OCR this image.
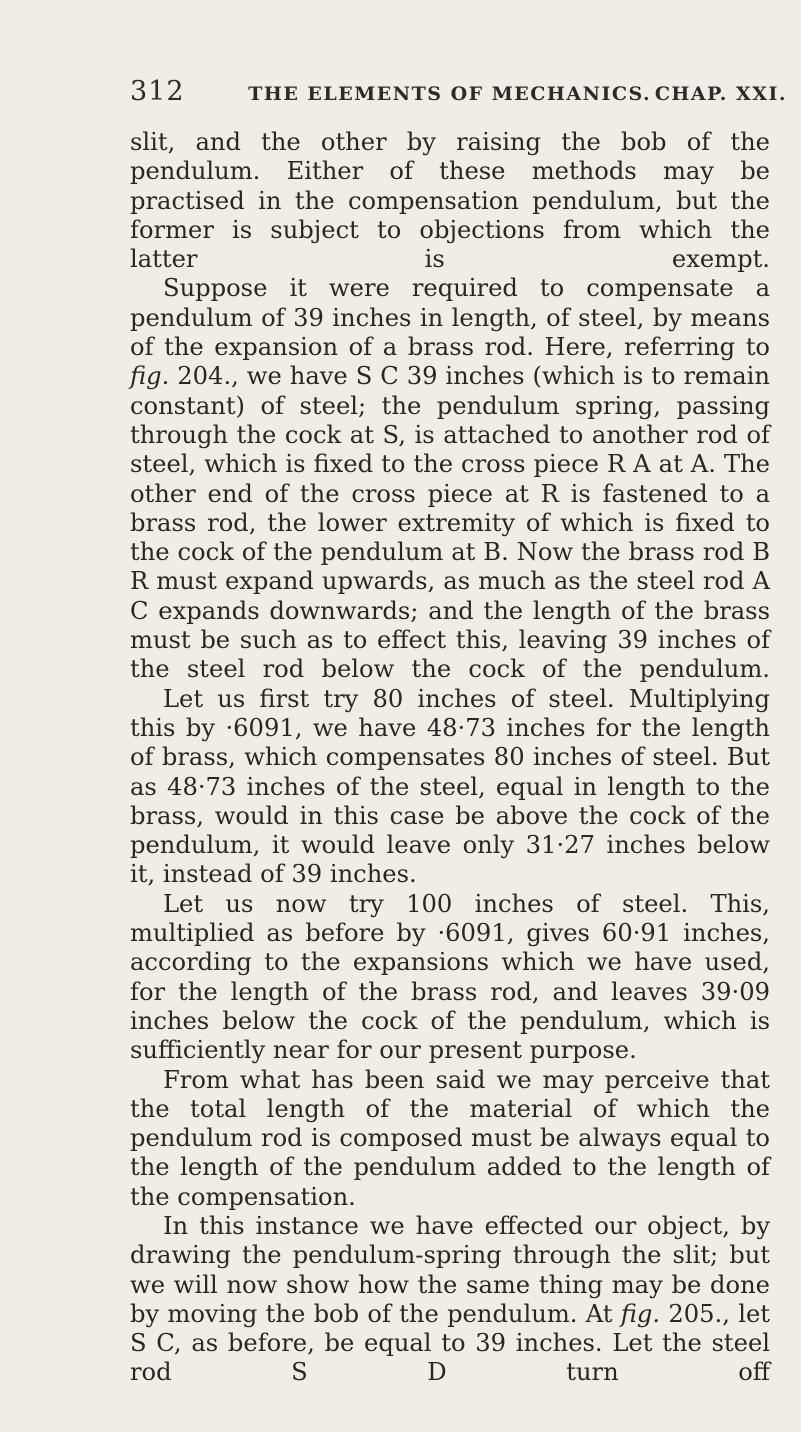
312	THE ELEMENTS OF MECHANICS. CHAP. XXI.

slit, and the other by raising the bob of the pendulum. Either of these methods may be practised in the compensation pendulum, but the former is subject to objections from which the latter is exempt.

Suppose it were required to compensate a pendulum of 39 inches in length, of steel, by means of the expansion of a brass rod. Here, referring to fig. 204., we have S C 39 inches (which is to remain constant) of steel; the pendulum spring, passing through the cock at S, is attached to another rod of steel, which is fixed to the cross piece R A at A. The other end of the cross piece at R is fastened to a brass rod, the lower extremity of which is fixed to the cock of the pendulum at B. Now the brass rod B R must expand upwards, as much as the steel rod A C expands downwards; and the length of the brass must be such as to effect this, leaving 39 inches of the steel rod below the cock of the pendulum.

Let us first try 80 inches of steel. Multiplying this by ·6091, we have 48·73 inches for the length of brass, which compensates 80 inches of steel. But as 48·73 inches of the steel, equal in length to the brass, would in this case be above the cock of the pendulum, it would leave only 31·27 inches below it, instead of 39 inches.

Let us now try 100 inches of steel. This, multiplied as before by ·6091, gives 60·91 inches, according to the expansions which we have used, for the length of the brass rod, and leaves 39·09 inches below the cock of the pendulum, which is sufficiently near for our present purpose.

From what has been said we may perceive that the total length of the material of which the pendulum rod is composed must be always equal to the length of the pendulum added to the length of the compensation.

In this instance we have effected our object, by drawing the pendulum-spring through the slit; but we will now show how the same thing may be done by moving the bob of the pendulum. At fig. 205., let S C, as before, be equal to 39 inches. Let the steel rod S D turn off
